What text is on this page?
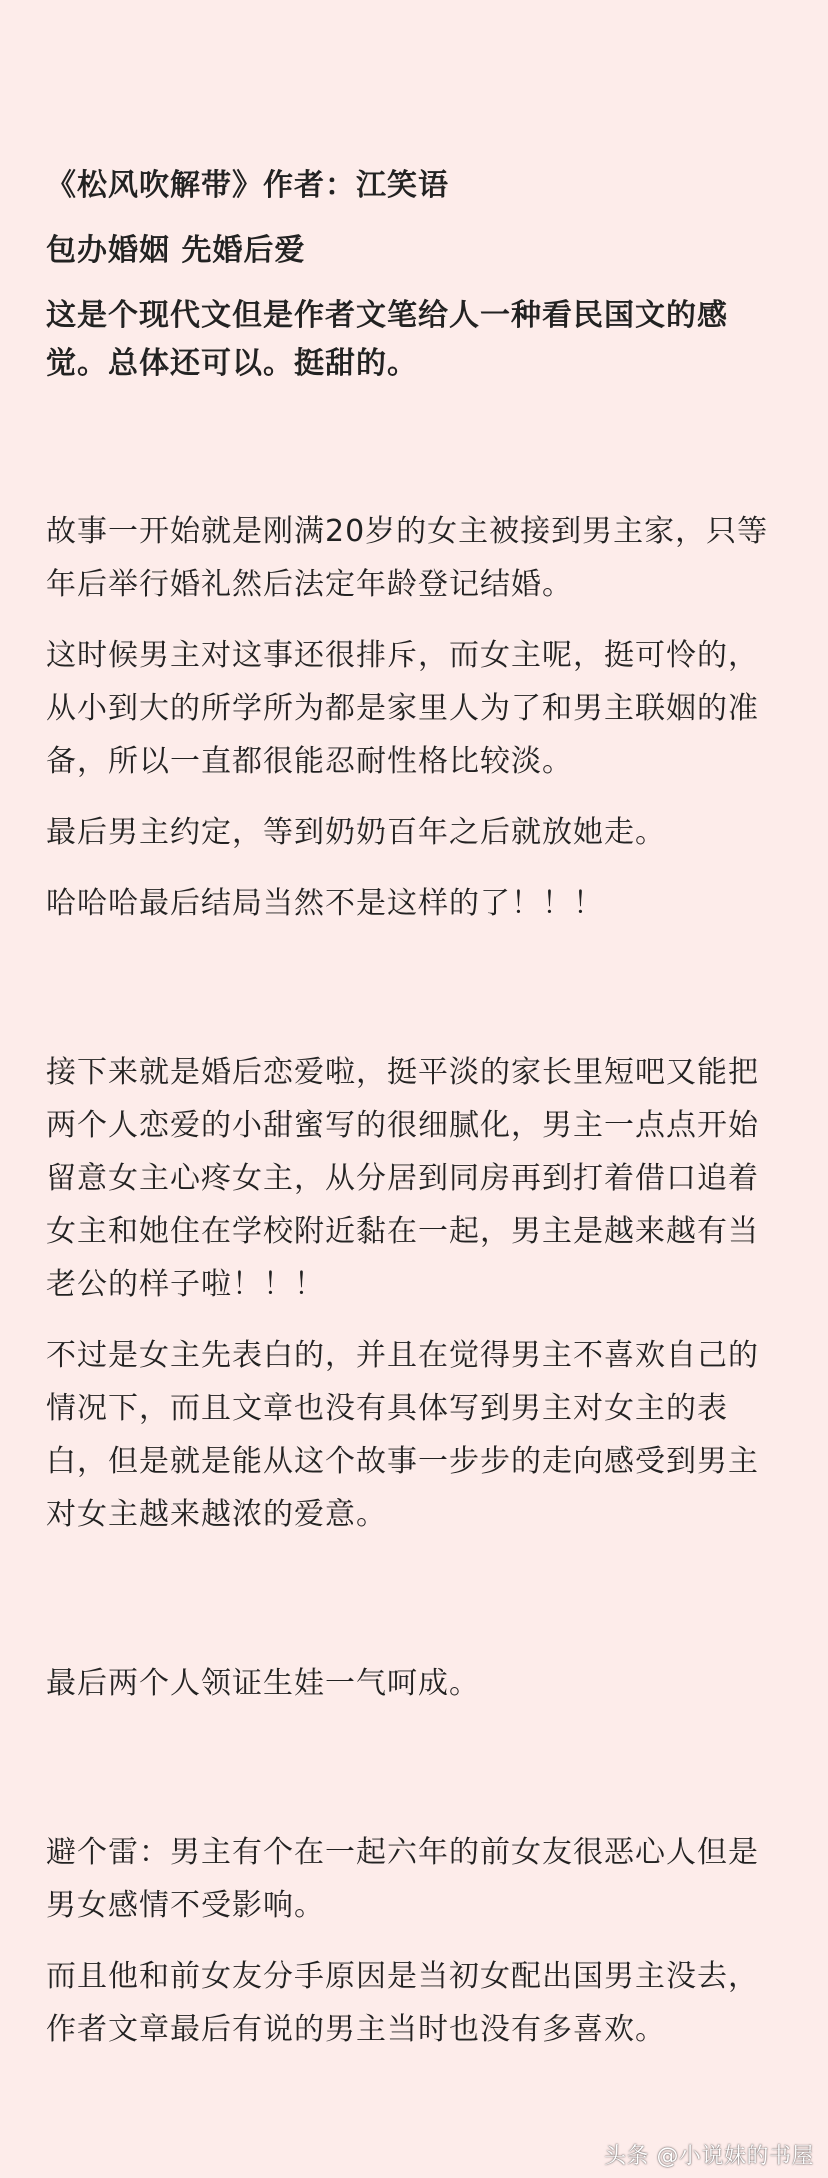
《松风吹解带》作者：江笑语

包办婚姻 先婚后爱

这是个现代文但是作者文笔给人一种看民国文的感觉。总体还可以。挺甜的。

故事一开始就是刚满20岁的女主被接到男主家，只等年后举行婚礼然后法定年龄登记结婚。

这时候男主对这事还很排斥，而女主呢，挺可怜的，从小到大的所学所为都是家里人为了和男主联姻的准备，所以一直都很能忍耐性格比较淡。

最后男主约定，等到奶奶百年之后就放她走。

哈哈哈最后结局当然不是这样的了！！！

接下来就是婚后恋爱啦，挺平淡的家长里短吧又能把两个人恋爱的小甜蜜写的很细腻化，男主一点点开始留意女主心疼女主，从分居到同房再到打着借口追着女主和她住在学校附近黏在一起，男主是越来越有当老公的样子啦！！！

不过是女主先表白的，并且在觉得男主不喜欢自己的情况下，而且文章也没有具体写到男主对女主的表白，但是就是能从这个故事一步步的走向感受到男主对女主越来越浓的爱意。

最后两个人领证生娃一气呵成。

避个雷：男主有个在一起六年的前女友很恶心人但是男女感情不受影响。

而且他和前女友分手原因是当初女配出国男主没去，作者文章最后有说的男主当时也没有多喜欢。

头条 @小说妹的书屋
